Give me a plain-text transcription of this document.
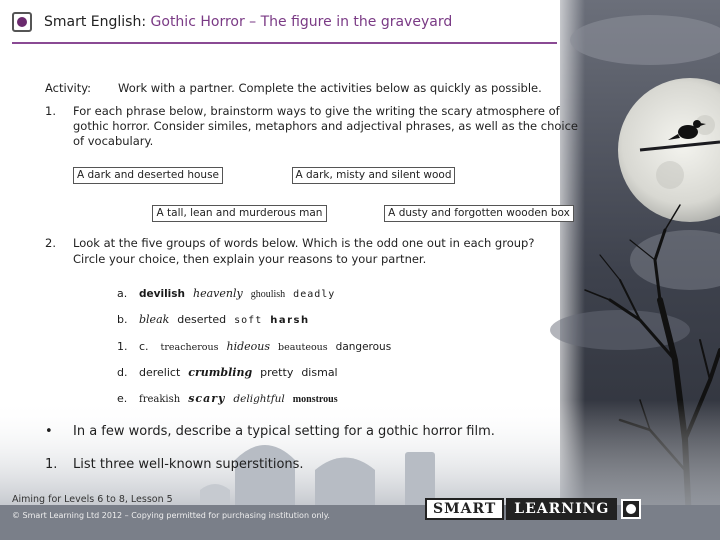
Smart English: Gothic Horror – The figure in the graveyard
Activity: Work with a partner. Complete the activities below as quickly as possible.
1. For each phrase below, brainstorm ways to give the writing the scary atmosphere of
gothic horror. Consider similes, metaphors and adjectival phrases, as well as the choice
of vocabulary.
A dark and deserted house	A dark, misty and silent wood
A tall, lean and murderous man	A dusty and forgotten wooden box
2. Look at the five groups of words below. Which is the odd one out in each group?
Circle your choice, then explain your reasons to your partner.
a.	devilish heavenly ghoulish deadly
b.	bleak deserted soft harsh
1.	c. treacherous hideous beauteous dangerous
d.	derelict crumbling pretty dismal
e.	freakish scary delightful monstrous
• In a few words, describe a typical setting for a gothic horror film.
1. List three well-known superstitions.
Aiming for Levels 6 to 8, Lesson 5
© Smart Learning Ltd 2012 – Copying permitted for purchasing institution only.	SMART	LEARNING
